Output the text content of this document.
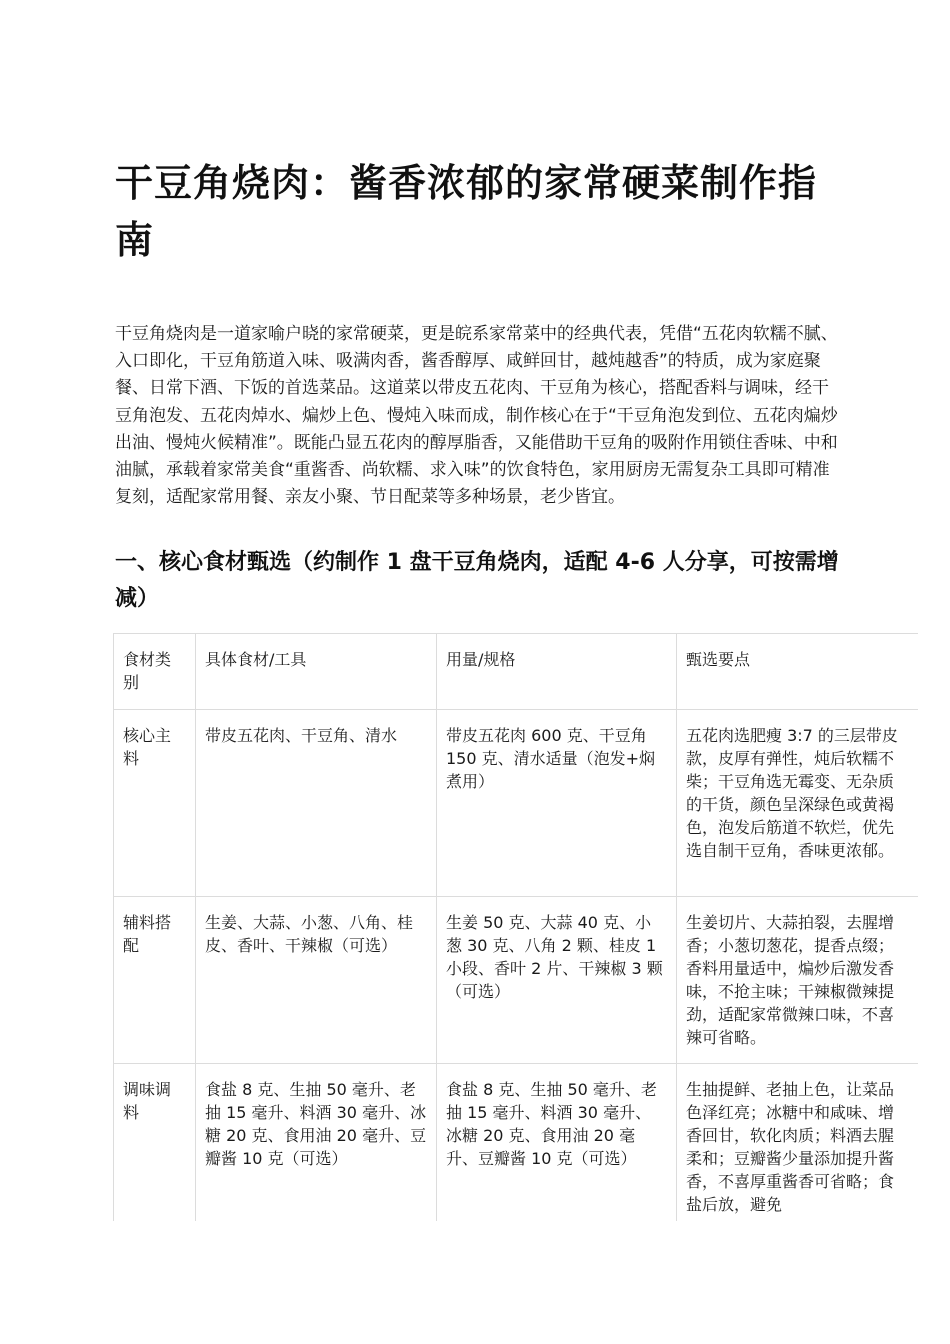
干豆角烧肉：酱香浓郁的家常硬菜制作指南

干豆角烧肉是一道家喻户晓的家常硬菜，更是皖系家常菜中的经典代表，凭借“五花肉软糯不腻、入口即化，干豆角筋道入味、吸满肉香，酱香醇厚、咸鲜回甘，越炖越香”的特质，成为家庭聚餐、日常下酒、下饭的首选菜品。这道菜以带皮五花肉、干豆角为核心，搭配香料与调味，经干豆角泡发、五花肉焯水、煸炒上色、慢炖入味而成，制作核心在于“干豆角泡发到位、五花肉煸炒出油、慢炖火候精准”。既能凸显五花肉的醇厚脂香，又能借助干豆角的吸附作用锁住香味、中和油腻，承载着家常美食“重酱香、尚软糯、求入味”的饮食特色，家用厨房无需复杂工具即可精准复刻，适配家常用餐、亲友小聚、节日配菜等多种场景，老少皆宜。

一、核心食材甄选（约制作 1 盘干豆角烧肉，适配 4-6 人分享，可按需增减）
食材类别	具体食材/工具	用量/规格	甄选要点
核心主料	带皮五花肉、干豆角、清水	带皮五花肉 600 克、干豆角 150 克、清水适量（泡发+焖煮用）	五花肉选肥瘦 3:7 的三层带皮款，皮厚有弹性，炖后软糯不柴；干豆角选无霉变、无杂质的干货，颜色呈深绿色或黄褐色，泡发后筋道不软烂，优先选自制干豆角，香味更浓郁。
辅料搭配	生姜、大蒜、小葱、八角、桂皮、香叶、干辣椒（可选）	生姜 50 克、大蒜 40 克、小葱 30 克、八角 2 颗、桂皮 1 小段、香叶 2 片、干辣椒 3 颗（可选）	生姜切片、大蒜拍裂，去腥增香；小葱切葱花，提香点缀；香料用量适中，煸炒后激发香味，不抢主味；干辣椒微辣提劲，适配家常微辣口味，不喜辣可省略。
调味调料	食盐 8 克、生抽 50 毫升、老抽 15 毫升、料酒 30 毫升、冰糖 20 克、食用油 20 毫升、豆瓣酱 10 克（可选）	食盐 8 克、生抽 50 毫升、老抽 15 毫升、料酒 30 毫升、冰糖 20 克、食用油 20 毫升、豆瓣酱 10 克（可选）	生抽提鲜、老抽上色，让菜品色泽红亮；冰糖中和咸味、增香回甘，软化肉质；料酒去腥柔和；豆瓣酱少量添加提升酱香，不喜厚重酱香可省略；食盐后放，避免
